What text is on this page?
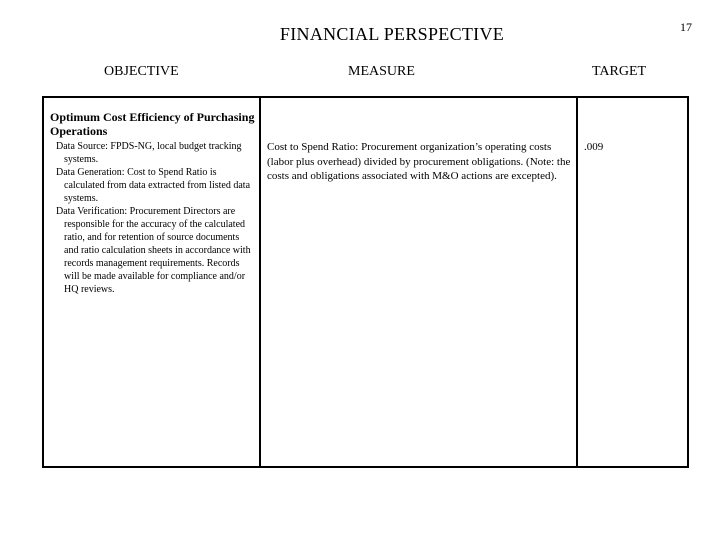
17
FINANCIAL PERSPECTIVE
OBJECTIVE	MEASURE	TARGET
Optimum Cost Efficiency of Purchasing Operations
Data Source: FPDS-NG, local budget tracking systems.
Data Generation: Cost to Spend Ratio is calculated from data extracted from listed data systems.
Data Verification: Procurement Directors are responsible for the accuracy of the calculated ratio, and for retention of source documents and ratio calculation sheets in accordance with records management requirements. Records will be made available for compliance and/or HQ reviews.
Cost to Spend Ratio: Procurement organization’s operating costs (labor plus overhead) divided by procurement obligations. (Note: the costs and obligations associated with M&O actions are excepted).
.009
